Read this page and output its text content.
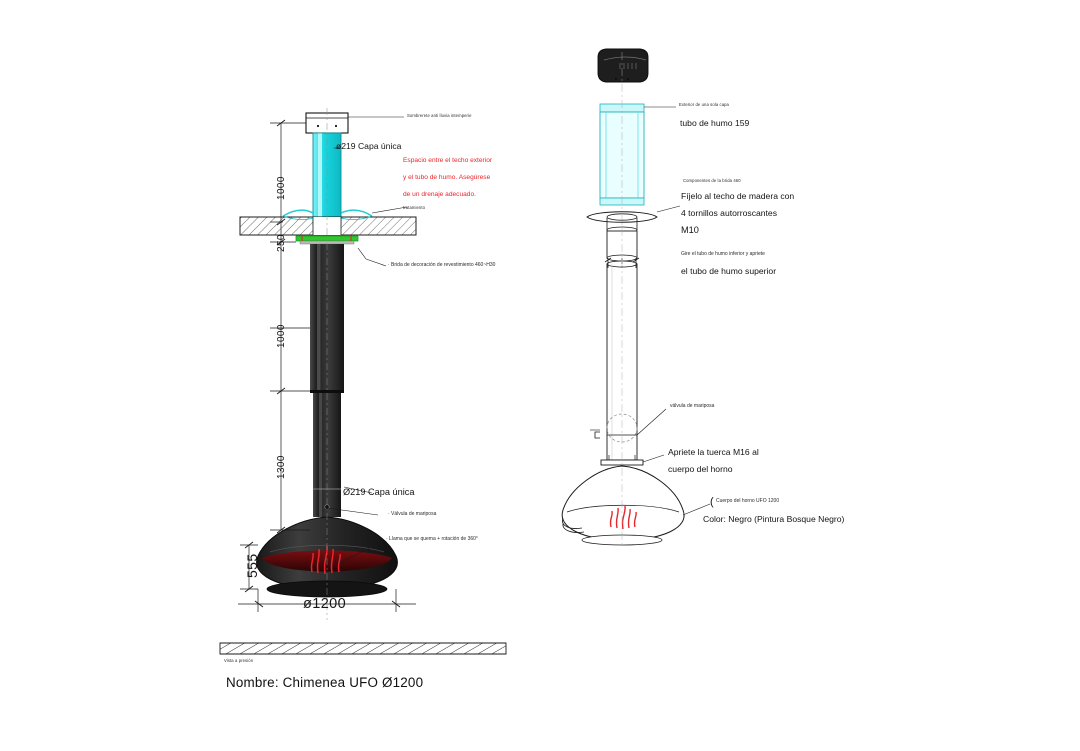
1000
250
1000
1300
555
ø1200
Sombrerete anti lluvia intemperie
ø219 Capa única
tratamiento
· Brida de decoración de revestimiento 460~H30
Ø219 Capa única
· Válvula de mariposa
· Llama que se quema + rotación de 360°
Espacio entre el techo exterior
y el tubo de humo. Asegúrese
de un drenaje adecuado.
Vista a presión
Exterior de una sola capa
tubo de humo 159
Componentes de la brida 460
Fíjelo al techo de madera con
4 tornillos autorroscantes
M10
Gire el tubo de humo inferior y apriete
el tubo de humo superior
válvula de mariposa
Apriete la tuerca M16 al
cuerpo del horno
Cuerpo del horno UFO 1200
Color: Negro (Pintura Bosque Negro)
(
Nombre: Chimenea UFO Ø1200
